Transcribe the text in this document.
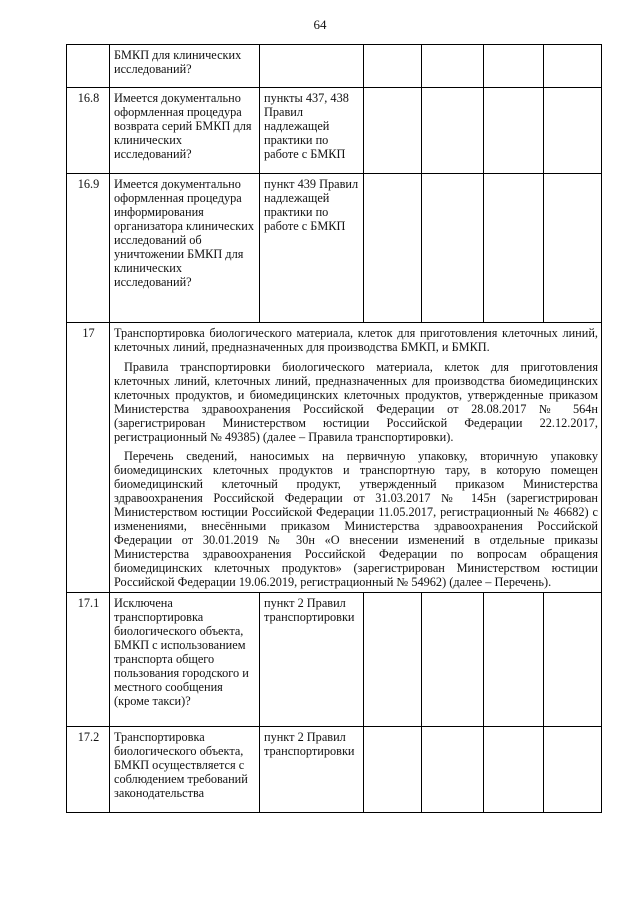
64
	БМКП для клинических исследований?					
16.8	Имеется документально оформленная процедура возврата серий БМКП для клинических исследований?	пункты 437, 438 Правил надлежащей практики по работе с БМКП				
16.9	Имеется документально оформленная процедура информирования организатора клинических исследований об уничтожении БМКП для клинических исследований?	пункт 439 Правил надлежащей практики по работе с БМКП				
17	Транспортировка биологического материала, клеток для приготовления клеточных линий, клеточных линий, предназначенных для производства БМКП, и БМКП.

Правила транспортировки биологического материала, клеток для приготовления клеточных линий, клеточных линий, предназначенных для производства биомедицинских клеточных продуктов, и биомедицинских клеточных продуктов, утвержденные приказом Министерства здравоохранения Российской Федерации от 28.08.2017 № 564н (зарегистрирован Министерством юстиции Российской Федерации 22.12.2017, регистрационный № 49385) (далее – Правила транспортировки).

Перечень сведений, наносимых на первичную упаковку, вторичную упаковку биомедицинских клеточных продуктов и транспортную тару, в которую помещен биомедицинский клеточный продукт, утвержденный приказом Министерства здравоохранения Российской Федерации от 31.03.2017 № 145н (зарегистрирован Министерством юстиции Российской Федерации 11.05.2017, регистрационный № 46682) с изменениями, внесёнными приказом Министерства здравоохранения Российской Федерации от 30.01.2019 № 30н «О внесении изменений в отдельные приказы Министерства здравоохранения Российской Федерации по вопросам обращения биомедицинских клеточных продуктов» (зарегистрирован Министерством юстиции Российской Федерации 19.06.2019, регистрационный № 54962) (далее – Перечень).					

17.1	Исключена транспортировка биологического объекта, БМКП с использованием транспорта общего пользования городского и местного сообщения (кроме такси)?	пункт 2 Правил транспортировки				
17.2	Транспортировка биологического объекта, БМКП осуществляется с соблюдением требований законодательства	пункт 2 Правил транспортировки				
